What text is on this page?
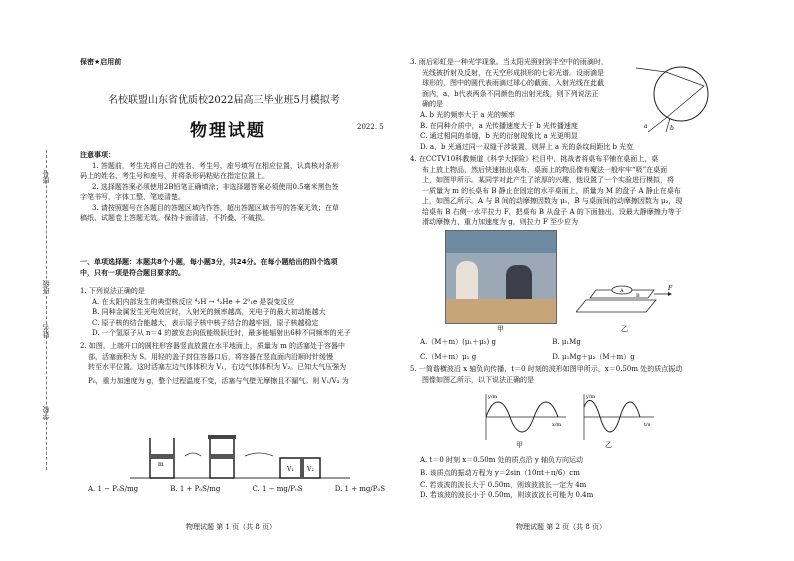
座号
班级
姓名
学校
保密★启用前
名校联盟山东省优质校2022届高三毕业班5月模拟考
物理试题	2022. 5
注意事项：
1. 答题前，考生先将自己的姓名、考生号、座号填写在相应位置，认真核对条形
码上的姓名、考生号和座号，并将条形码粘贴在指定位置上。
2. 选择题答案必须使用2B铅笔正确填涂；非选择题答案必须使用0.5毫米黑色签
字笔书写，字体工整、笔迹清楚。
3. 请按照题号在各题目的答题区域内作答，超出答题区域书写的答案无效；在草
稿纸、试题卷上答题无效。保持卡面清洁，不折叠、不破损。
一、单项选择题：本题共8个小题，每小题3分，共24分。在每小题给出的四个选项
中，只有一项是符合题目要求的。
1. 下列说法正确的是
A. 在太阳内部发生的典型核反应 ⁴₂H → ⁴₂He + 2⁰₁e 是裂变反应
B. 同种金属发生光电效应时，入射光的频率越高，光电子的最大初动能越大
C. 原子核的结合能越大，表示原子核中核子结合的越牢固，原子核越稳定
D. 一个氢原子从 n＝4 的激发态向低能级跃迁时，最多能辐射出6种不同频率的光子
2. 如图，上端开口的圆柱形容器竖直放置在水平地面上，质量为 m 的活塞处于容器中
部，活塞面积为 S。用轻的盖子封住容器口后，将容器在竖直面内沿顺时针缓慢
转至水平位置。这时活塞左边气体体积为 V₁，右边气体体积为 V₂。已知大气压强为
P₀，重力加速度为 g，整个过程温度不变，活塞与气壁无摩擦且不漏气。则 V₁/V₂ 为
m
V₁ V₂
A. 1 − P₀S/mg	B. 1 + P₀S/mg	C. 1 − mg/P₀S	D. 1 + mg/P₀S
物理试题 第 1 页（共 8 页）
3. 雨后彩虹是一种光学现象。当太阳光照射到半空中的雨滴时，
光线被折射及反射，在天空形成拱形的七彩光谱。设雨滴是
球形的，图中的圆代表雨滴过球心的截面，入射光线在此截
面内，a、b代表两条不同颜色的出射光线，则下列说法正
确的是
a	b
A. b 光的频率大于 a 光的频率
B. 在同种介质中，a 光传播速度大于 b 光传播速度
C. 通过相同的单缝，b 光的衍射现象比 a 光更明显
D. a、b 光通过同一双缝干涉装置，则屏上 a 光的条纹间距比 b 光宽
4. 在CCTV10科教频道《科学大探险》栏目中，挑战者将桌布平铺在桌面上，桌
布上放上物品，然后快速抽出桌布，桌面上的物品像有魔法一般牢牢“吸”在桌面
上，如图甲所示。某同学对此产生了浓厚的兴趣，他设置了一个实验进行模拟，将
一质量为 m 的长桌布 B 静止在固定的水平桌面上，质量为 M 的盘子 A 静止在桌布
上，如图乙所示。A 与 B 间的动摩擦因数为 μ₁，B 与桌面间的动摩擦因数为 μ₂，现
给桌布 B 右侧一水平拉力 F，把桌布 B 从盘子 A 的下面抽出。设最大静摩擦力等于
滑动摩擦力，重力加速度为 g，则拉力 F 至少应为
甲
A
B
F
乙
A.（M＋m）(μ₁＋μ₂) g	B. μ₁Mg
C.（M＋m）μ₁ g	D. μ₁Mg＋μ₂（M＋m）g
5. 一简谐横波沿 x 轴负向传播，t＝0 时刻的波形如图甲所示，x＝0.50m 处的质点振动
图像如图乙所示，以下说法正确的是
y/m
x/m
甲
y/m
t/s
乙
A. t＝0 时刻 x＝0.50m 处的质点沿 y 轴负方向运动
B. 该质点的振动方程为 y＝2sin（10πt＋π/6）cm
C. 若该波的波长大于 0.50m，则该波波长一定为 4m
D. 若该波的波长小于 0.50m，则该波波长可能为 0.4m
物理试题 第 2 页（共 8 页）
